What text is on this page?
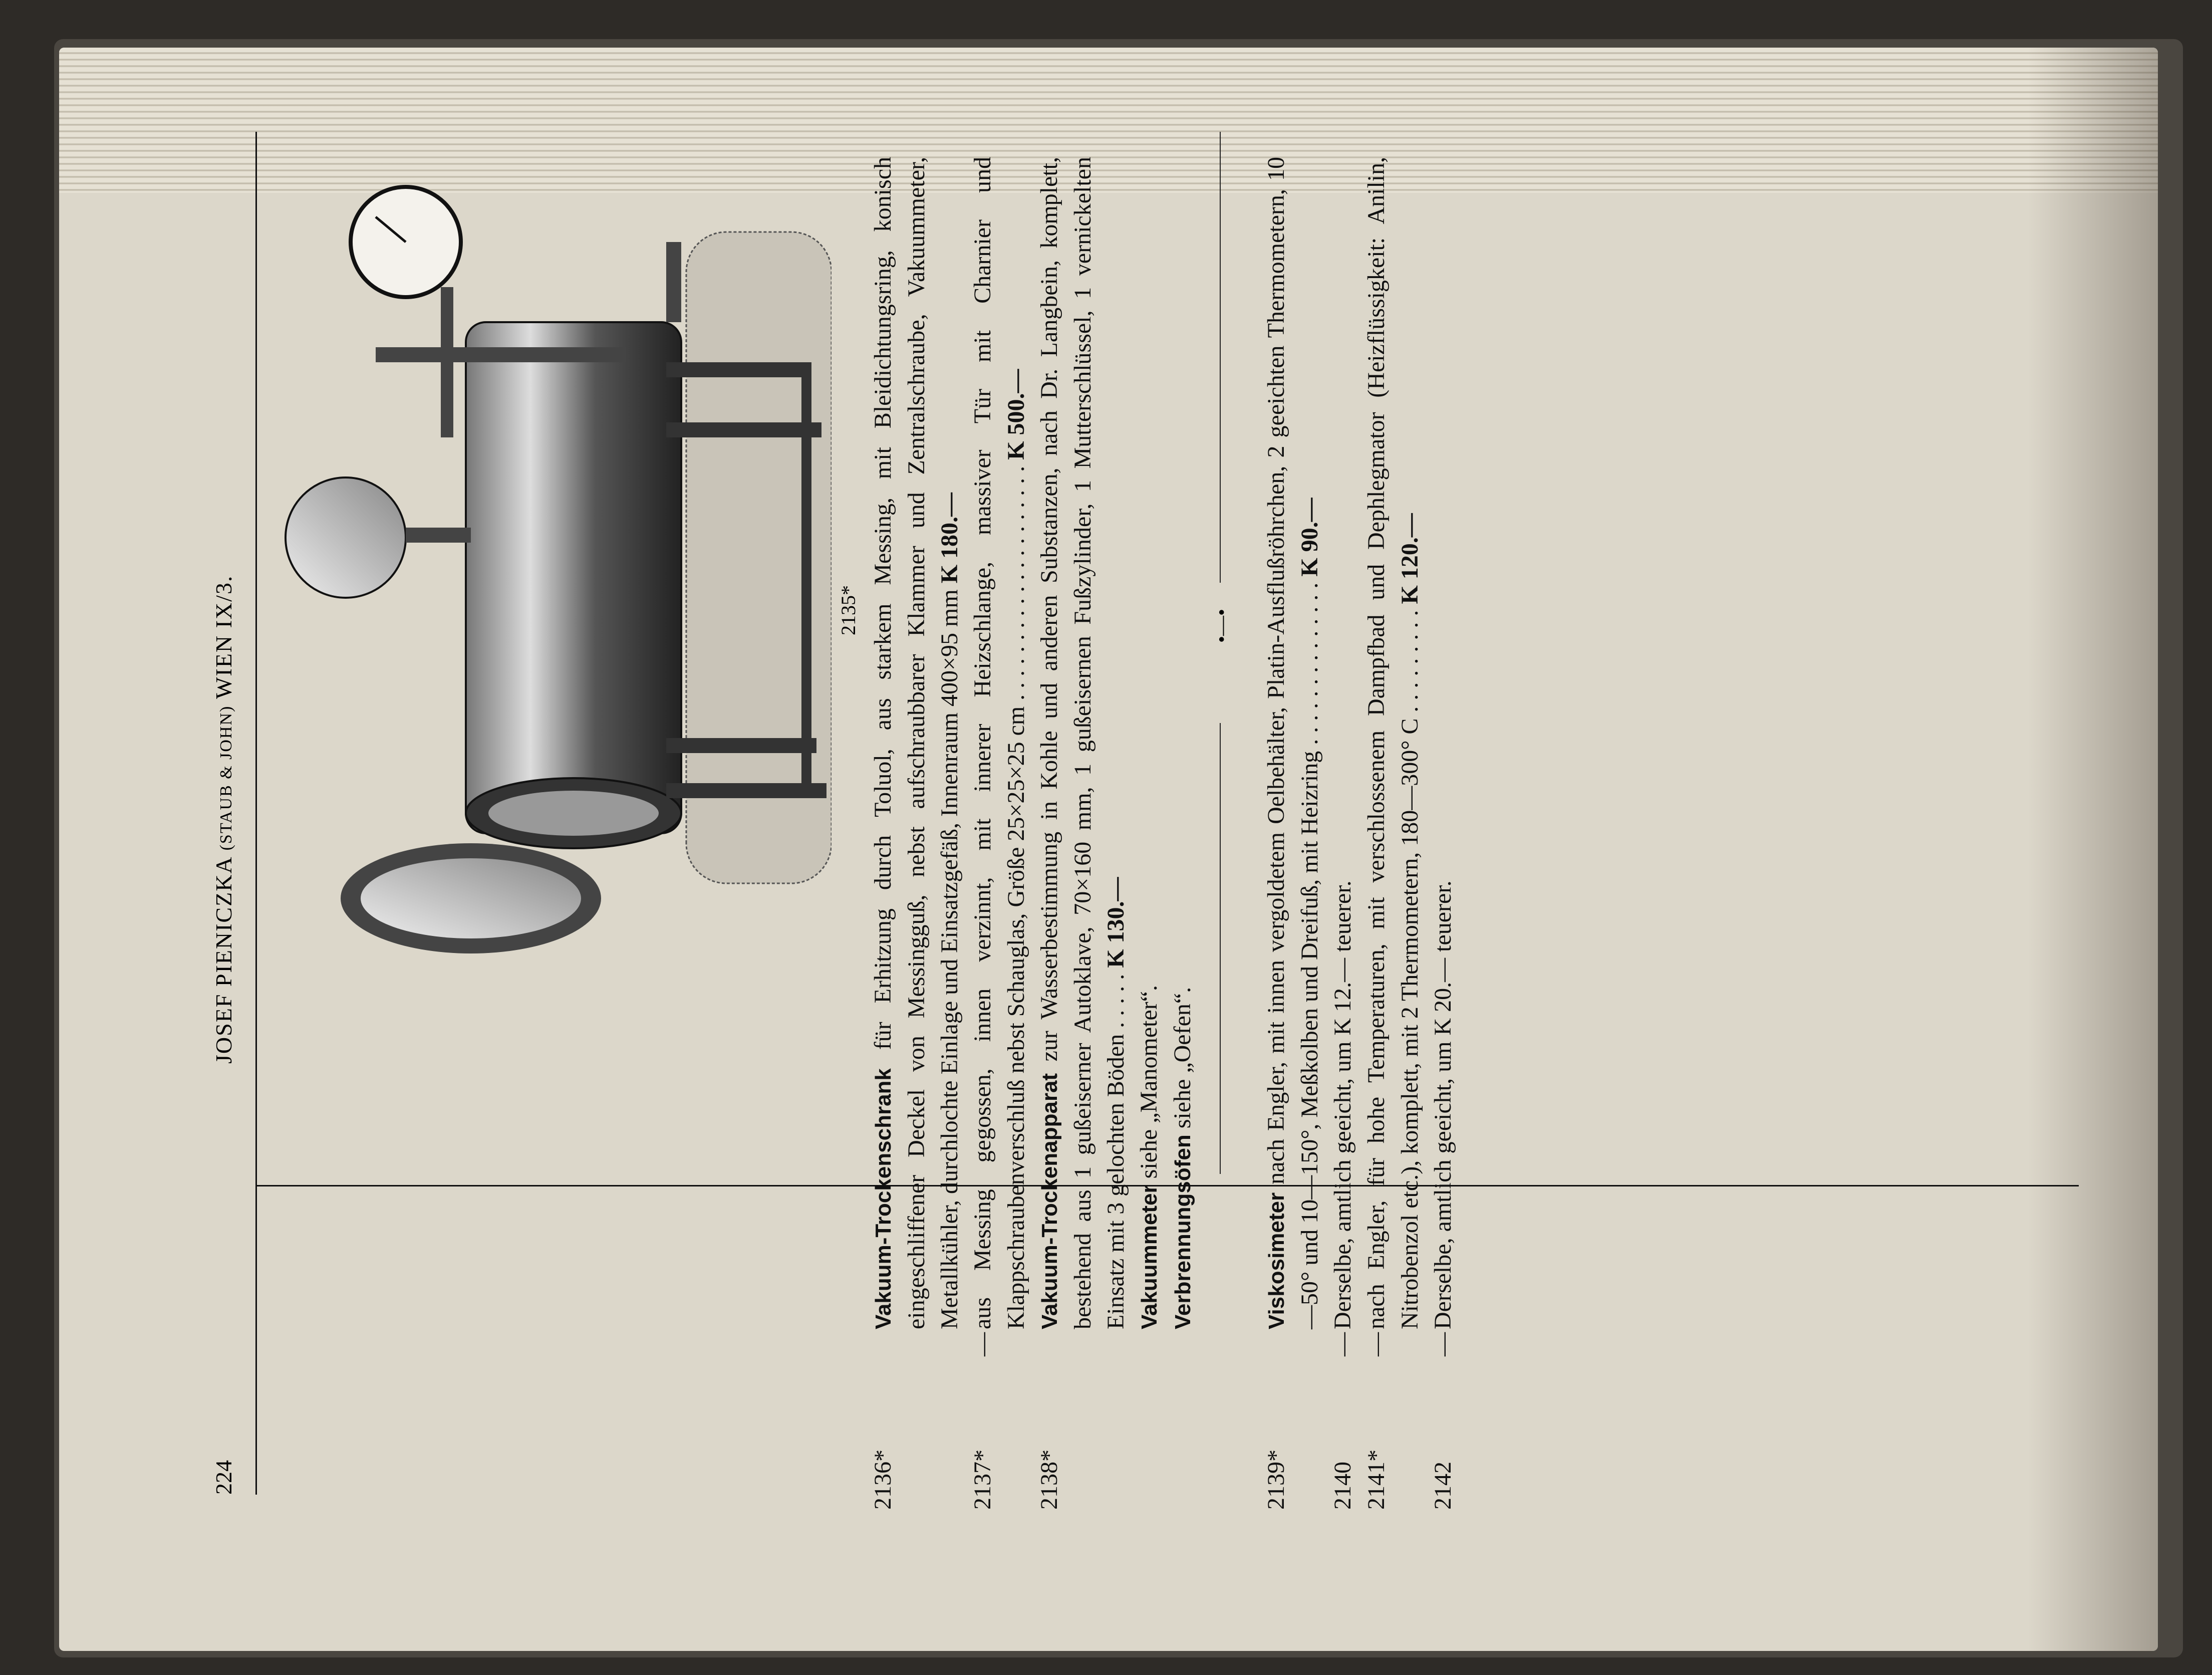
224
JOSEF PIENICZKA (STAUB & JOHN) WIEN IX/3.	2135*
2136*
Vakuum-Trockenschrank für Erhitzung durch Toluol, aus starkem Messing, mit Bleidichtungsring, konisch eingeschliffener Deckel von Messingguß, nebst aufschraubbarer Klammer und Zentralschraube, Vakuummeter, Metallkühler, durchlochte Einlage und Einsatzgefäß, Innenraum 400×95 mm K 180.—
2137*
—
aus Messing gegossen, innen verzinnt, mit innerer Heizschlange, massiver Tür mit Charnier und Klappschraubenverschluß nebst Schauglas, Größe 25×25×25 cm . . . . . . . . . . . . . . . . . . . . K 500.—
2138*
Vakuum-Trockenapparat zur Wasserbestimmung in Kohle und anderen Substanzen, nach Dr. Langbein, komplett, bestehend aus 1 gußeiserner Autoklave, 70×160 mm, 1 gußeisernen Fußzylinder, 1 Mutterschlüssel, 1 vernickelten Einsatz mit 3 gelochten Böden . . . . . K 130.—
Vakuummeter siehe „Manometer“.
Verbrennungsöfen siehe „Oefen“.
•—•
2139*
Viskosimeter nach Engler, mit innen vergoldetem Oelbehälter, Platin-Ausflußröhrchen, 2 geeichten Thermometern, 10—50° und 10—150°, Meßkolben und Dreifuß, mit Heizring . . . . . . . . . . . . . . K 90.—
2140
—
Derselbe, amtlich geeicht, um K 12.— teuerer.
2141*
—
nach Engler, für hohe Temperaturen, mit verschlossenem Dampfbad und Dephlegmator (Heizflüssigkeit: Anilin, Nitrobenzol etc.), komplett, mit 2 Thermometern, 180—300° C . . . . . . . . . K 120.—
2142
—
Derselbe, amtlich geeicht, um K 20.— teuerer.
